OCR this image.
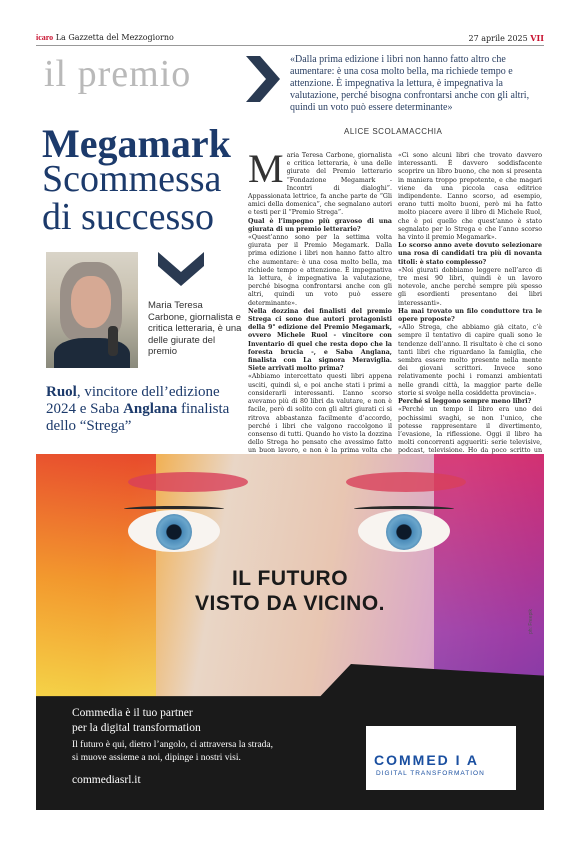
icaro La Gazzetta del Mezzogiorno	27 aprile 2025 VII
il premio	«Dalla prima edizione i libri non hanno fatto altro che aumentare: è una cosa molto bella, ma richiede tempo e attenzione. È impegnativa la lettura, è impegnativa la valutazione, perché bisogna confrontarsi anche con gli altri, quindi un voto può essere determinante»
Megamark
Scommessa di successo
Maria Teresa Carbone, giornalista e critica letteraria, è una delle giurate del premio
Ruol, vincitore dell’edizione 2024 e Saba Anglana finalista dello “Strega”
ALICE SCOLAMACCHIA

Maria Teresa Carbone, giornalista e critica letteraria, è una delle giurate del Premio letterario “Fondazione Megamark - Incontri di dialoghi”. Appassionata lettrice, fa anche parte de “Gli amici della domenica”, che segnalano autori e testi per il “Premio Strega”.

Qual è l’impegno più gravoso di una giurata di un premio letterario?

«Quest’anno sono per la settima volta giurata per il Premio Megamark. Dalla prima edizione i libri non hanno fatto altro che aumentare: è una cosa molto bella, ma richiede tempo e attenzione. È impegnativa la lettura, è impegnativa la valutazione, perché bisogna confrontarsi anche con gli altri, quindi un voto può essere determinante».

Nella dozzina dei finalisti del premio Strega ci sono due autori protagonisti della 9° edizione del Premio Megamark, ovvero Michele Ruol - vincitore con Inventario di quel che resta dopo che la foresta brucia -, e Saba Anglana, finalista con La signora Meraviglia. Siete arrivati molto prima?

«Abbiamo intercettato questi libri appena usciti, quindi sì, e poi anche stati i primi a considerarli interessanti. L’anno scorso avevamo più di 80 libri da valutare, e non è facile, però di solito con gli altri giurati ci si ritrova abbastanza facilmente d’accordo, perché i libri che valgono raccolgono il consenso di tutti. Quando ho visto la dozzina dello Strega ho pensato che avessimo fatto un buon lavoro, e non è la prima volta che

«Ci sono alcuni libri che trovato davvero interessanti. È davvero soddisfacente scoprire un libro buono, che non si presenta in maniera troppo prepotente, e che magari viene da una piccola casa editrice indipendente. L’anno scorso, ad esempio, erano tutti molto buoni, però mi ha fatto molto piacere avere il libro di Michele Ruol, che è poi quello che quest’anno è stato segnalato per lo Strega e che l’anno scorso ha vinto il premio Megamark».

Lo scorso anno avete dovuto selezionare una rosa di candidati tra più di novanta titoli: è stato complesso?

«Noi giurati dobbiamo leggere nell’arco di tre mesi 90 libri, quindi è un lavoro notevole, anche perché sempre più spesso gli esordienti presentano dei libri interessanti».

Ha mai trovato un filo conduttore tra le opere proposte?

«Allo Strega, che abbiamo già citato, c’è sempre il tentativo di capire quali sono le tendenze dell’anno. Il risultato è che ci sono tanti libri che riguardano la famiglia, che sembra essere molto presente nella mente dei giovani scrittori. Invece sono relativamente pochi i romanzi ambientati nelle grandi città, la maggior parte delle storie si svolge nella cosiddetta provincia».

Perché si leggono sempre meno libri?

«Perché un tempo il libro era uno dei pochissimi svaghi, se non l’unico, che potesse rappresentare il divertimento, l’evasione, la riflessione. Oggi il libro ha molti concorrenti aggueriti: serie televisive, podcast, televisione. Ho da poco scritto un

IL FUTURO
VISTO DA VICINO.
ph: Freepik
Commedia è il tuo partner
per la digital transformation
Il futuro è qui, dietro l’angolo, ci attraversa la strada,
si muove assieme a noi, dipinge i nostri visi.
commediasrl.it
COMMED I A
DIGITAL TRANSFORMATION
